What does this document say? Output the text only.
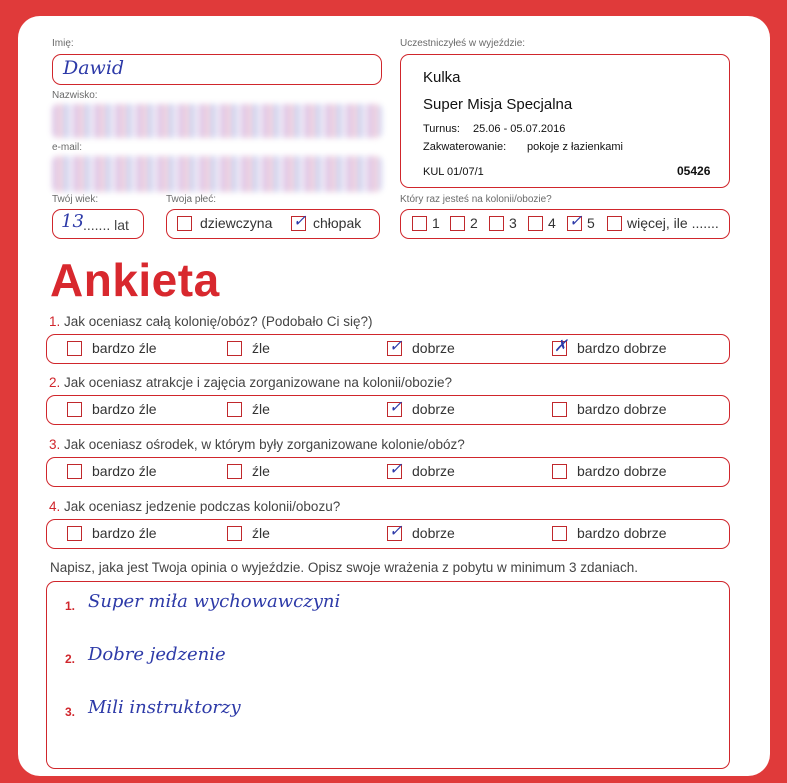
Imię:
Dawid
Nazwisko:
e-mail:
Twój wiek:
13 ....... lat
Twoja płeć:
dziewczyna ✓ chłopak
Uczestniczyłeś w wyjeździe:
Kulka
Super Misja Specjalna
Turnus: 25.06 - 05.07.2016
Zakwaterowanie: pokoje z łazienkami
KUL 01/07/1	05426
Który raz jesteś na kolonii/obozie?
1 2 3 4 ✓ 5 więcej, ile .......
Ankieta
1. Jak oceniasz całą kolonię/obóz? (Podobało Ci się?)
bardzo źle	źle	✓ dobrze	✗ bardzo dobrze
2. Jak oceniasz atrakcje i zajęcia zorganizowane na kolonii/obozie?
bardzo źle	źle	✓ dobrze	bardzo dobrze
3. Jak oceniasz ośrodek, w którym były zorganizowane kolonie/obóz?
bardzo źle	źle	✓ dobrze	bardzo dobrze
4. Jak oceniasz jedzenie podczas kolonii/obozu?
bardzo źle	źle	✓ dobrze	bardzo dobrze
Napisz, jaka jest Twoja opinia o wyjeździe. Opisz swoje wrażenia z pobytu w minimum 3 zdaniach.
1. Super miła wychowawczyni
2. Dobre jedzenie
3. Mili instruktorzy
